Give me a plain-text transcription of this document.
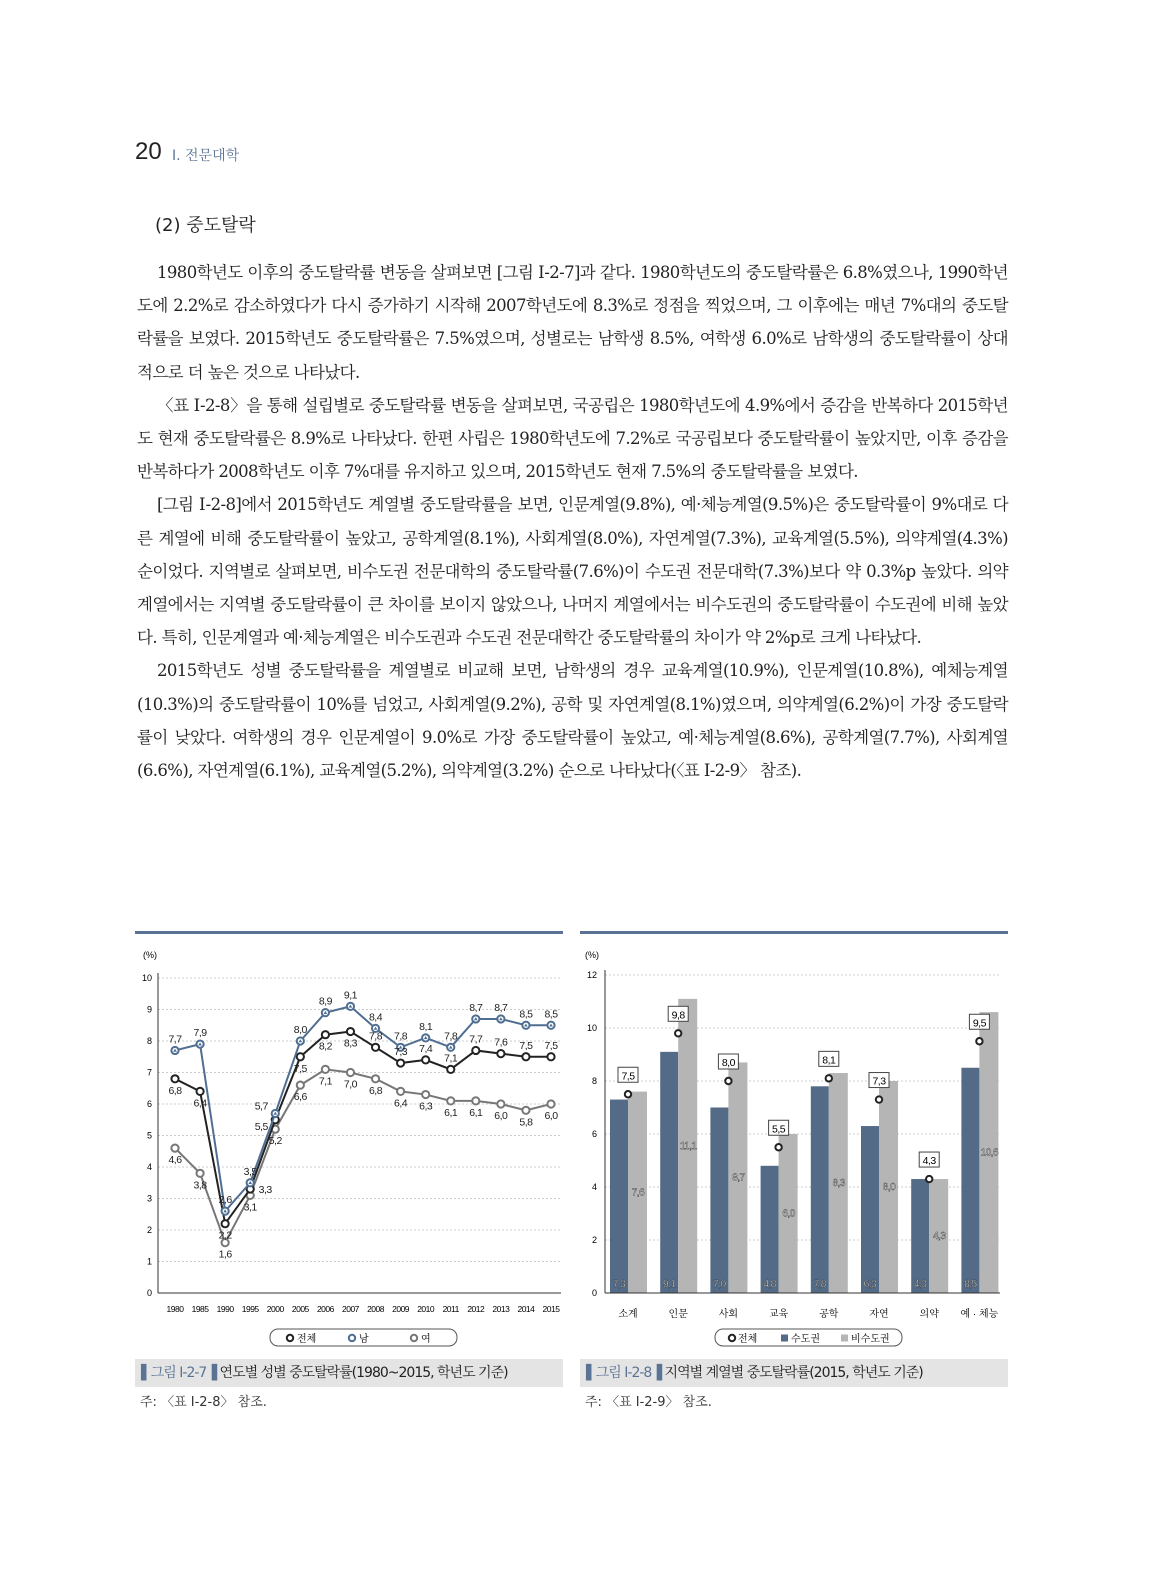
20 Ⅰ. 전문대학
(2) 중도탈락

1980학년도 이후의 중도탈락률 변동을 살펴보면 [그림 Ⅰ-2-7]과 같다. 1980학년도의 중도탈락률은 6.8%였으나, 1990학년도에 2.2%로 감소하였다가 다시 증가하기 시작해 2007학년도에 8.3%로 정점을 찍었으며, 그 이후에는 매년 7%대의 중도탈락률을 보였다. 2015학년도 중도탈락률은 7.5%였으며, 성별로는 남학생 8.5%, 여학생 6.0%로 남학생의 중도탈락률이 상대적으로 더 높은 것으로 나타났다.

〈표 Ⅰ-2-8〉을 통해 설립별로 중도탈락률 변동을 살펴보면, 국공립은 1980학년도에 4.9%에서 증감을 반복하다 2015학년도 현재 중도탈락률은 8.9%로 나타났다. 한편 사립은 1980학년도에 7.2%로 국공립보다 중도탈락률이 높았지만, 이후 증감을 반복하다가 2008학년도 이후 7%대를 유지하고 있으며, 2015학년도 현재 7.5%의 중도탈락률을 보였다.

[그림 Ⅰ-2-8]에서 2015학년도 계열별 중도탈락률을 보면, 인문계열(9.8%), 예·체능계열(9.5%)은 중도탈락률이 9%대로 다른 계열에 비해 중도탈락률이 높았고, 공학계열(8.1%), 사회계열(8.0%), 자연계열(7.3%), 교육계열(5.5%), 의약계열(4.3%) 순이었다. 지역별로 살펴보면, 비수도권 전문대학의 중도탈락률(7.6%)이 수도권 전문대학(7.3%)보다 약 0.3%p 높았다. 의약계열에서는 지역별 중도탈락률이 큰 차이를 보이지 않았으나, 나머지 계열에서는 비수도권의 중도탈락률이 수도권에 비해 높았다. 특히, 인문계열과 예·체능계열은 비수도권과 수도권 전문대학간 중도탈락률의 차이가 약 2%p로 크게 나타났다.

2015학년도 성별 중도탈락률을 계열별로 비교해 보면, 남학생의 경우 교육계열(10.9%), 인문계열(10.8%), 예체능계열(10.3%)의 중도탈락률이 10%를 넘었고, 사회계열(9.2%), 공학 및 자연계열(8.1%)였으며, 의약계열(6.2%)이 가장 중도탈락률이 낮았다. 여학생의 경우 인문계열이 9.0%로 가장 중도탈락률이 높았고, 예·체능계열(8.6%), 공학계열(7.7%), 사회계열(6.6%), 자연계열(6.1%), 교육계열(5.2%), 의약계열(3.2%) 순으로 나타났다(〈표 Ⅰ-2-9〉 참조).

(%)
0
1
2
3
4
5
6
7
8
9
10
1980 1985 1990 1995 2000 2005 2006 2007 2008 2009 2010 2011 2012 2013 2014 2015
4,6
3,8
1,6
3,1
5,2
6,6
7,1 7,0
6,8
6,4 6,3
6,1 6,1 6,0
5,8
6,0
6,8
6,4
2,2
3,3
5,5
7,5
8,2 8,3
7,8
7,3 7,4
7,1
7,7 7,6 7,5 7,5
7,7
7,9
2,6
3,5
5,7
8,0
8,9
9,1
8,4
7,8
8,1
7,8
8,7 8,7
8,5 8,5
전체	남	여
(%)
0
2
4
6
8
10
12
7,3
7,6
7,5
소계
9,1
11,1
9,8
인문
7,0
8,7
8,0
사회
4,8
6,0
5,5
교육
7,8
8,3
8,1
공학
6,3
8,0
7,3
자연
4,3
4,3
4,3
의약
8,5
10,6
9,5
예 · 체능
전체	수도권	비수도권
▌그림 Ⅰ-2-7▐ 연도별 성별 중도탈락률(1980~2015, 학년도 기준)
주: 〈표 Ⅰ-2-8〉 참조.
▌그림 Ⅰ-2-8▐ 지역별 계열별 중도탈락률(2015, 학년도 기준)
주: 〈표 Ⅰ-2-9〉 참조.
